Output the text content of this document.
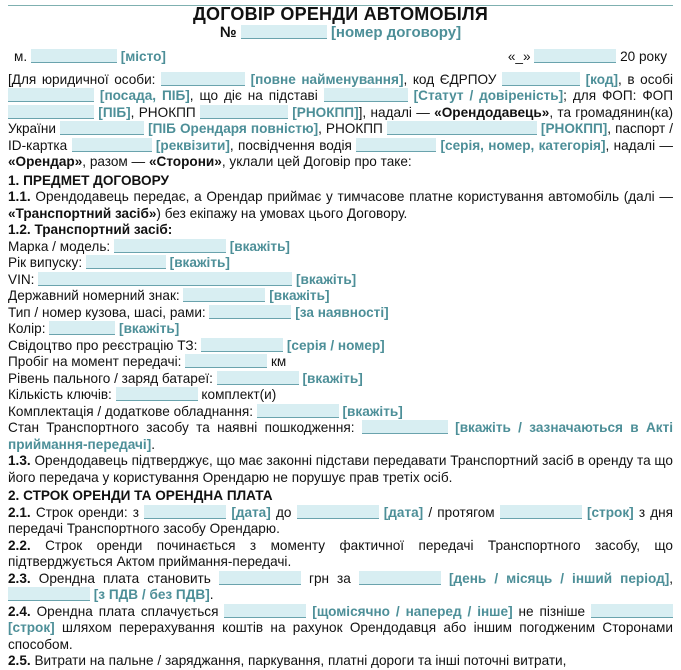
ДОГОВІР ОРЕНДИ АВТОМОБІЛЯ
№	[номер договору]
м.	[місто]	«_»	20 року

[Для юридичної особи:	[повне найменування], код ЄДРПОУ	[код], в особі  [посада, ПІБ], що діє на підставі	[Статут / довіреність]; для ФОП: ФОП  [ПІБ], РНОКПП	[РНОКПП]], надалі — «Орендодавець», та громадянин(ка) України	[ПІБ Орендаря повністю], РНОКПП	[РНОКПП], паспорт / ID-картка	[реквізити], посвідчення водія	[серія, номер, категорія], надалі — «Орендар», разом — «Сторони», уклали цей Договір про таке:

1. ПРЕДМЕТ ДОГОВОРУ

1.1. Орендодавець передає, а Орендар приймає у тимчасове платне користування автомобіль (далі — «Транспортний засіб») без екіпажу на умовах цього Договору.

1.2. Транспортний засіб:

Марка / модель:	[вкажіть]

Рік випуску:	[вкажіть]

VIN:	[вкажіть]

Державний номерний знак:	[вкажіть]

Тип / номер кузова, шасі, рами:	[за наявності]

Колір:	[вкажіть]

Свідоцтво про реєстрацію ТЗ:	[серія / номер]

Пробіг на момент передачі:	км

Рівень пального / заряд батареї:	[вкажіть]

Кількість ключів:	комплект(и)

Комплектація / додаткове обладнання:	[вкажіть]

Стан Транспортного засобу та наявні пошкодження:	[вкажіть / зазначаються в Акті приймання-передачі].

1.3. Орендодавець підтверджує, що має законні підстави передавати Транспортний засіб в оренду та що його передача у користування Орендарю не порушує прав третіх осіб.

2. СТРОК ОРЕНДИ ТА ОРЕНДНА ПЛАТА

2.1. Строк оренди: з	[дата] до	[дата] / протягом	[строк] з дня передачі Транспортного засобу Орендарю.

2.2. Строк оренди починається з моменту фактичної передачі Транспортного засобу, що підтверджується Актом приймання-передачі.

2.3. Орендна плата становить	грн за	[день / місяць / інший період],  [з ПДВ / без ПДВ].

2.4. Орендна плата сплачується	[щомісячно / наперед / інше] не пізніше  [строк] шляхом перерахування коштів на рахунок Орендодавця або іншим погодженим Сторонами способом.

2.5. Витрати на пальне / заряджання, паркування, платні дороги та інші поточні витрати,
